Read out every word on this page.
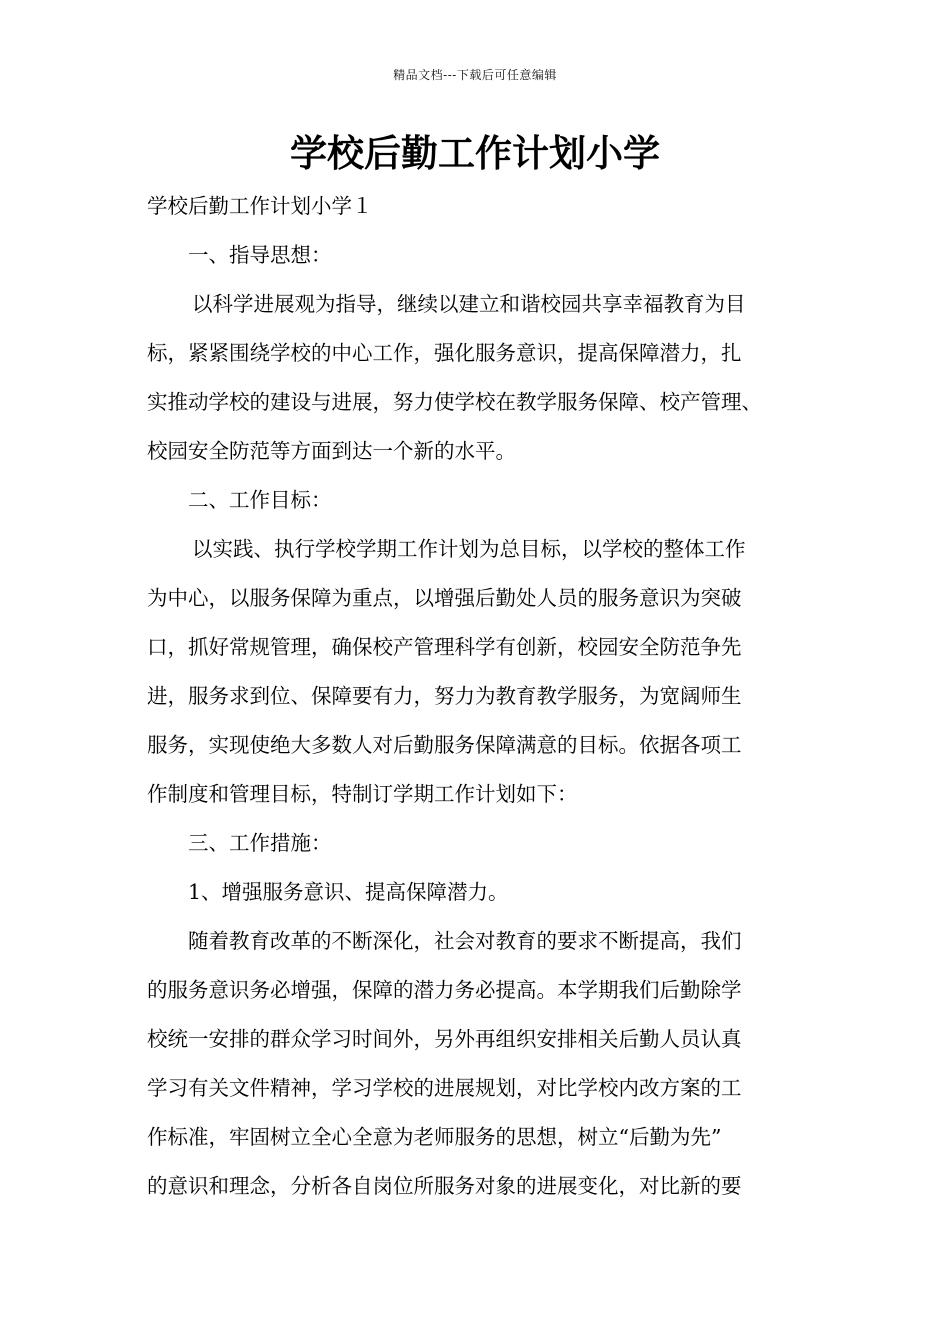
精品文档---下载后可任意编辑
学校后勤工作计划小学
学校后勤工作计划小学１
一、指导思想：
以科学进展观为指导，继续以建立和谐校园共享幸福教育为目
标，紧紧围绕学校的中心工作，强化服务意识，提高保障潜力，扎
实推动学校的建设与进展，努力使学校在教学服务保障、校产管理、
校园安全防范等方面到达一个新的水平。
二、工作目标：
以实践、执行学校学期工作计划为总目标，以学校的整体工作
为中心，以服务保障为重点，以增强后勤处人员的服务意识为突破
口，抓好常规管理，确保校产管理科学有创新，校园安全防范争先
进，服务求到位、保障要有力，努力为教育教学服务，为宽阔师生
服务，实现使绝大多数人对后勤服务保障满意的目标。依据各项工
作制度和管理目标，特制订学期工作计划如下：
三、工作措施：
1、增强服务意识、提高保障潜力。
随着教育改革的不断深化，社会对教育的要求不断提高，我们
的服务意识务必增强，保障的潜力务必提高。本学期我们后勤除学
校统一安排的群众学习时间外，另外再组织安排相关后勤人员认真
学习有关文件精神，学习学校的进展规划，对比学校内改方案的工
作标准，牢固树立全心全意为老师服务的思想，树立“后勤为先”
的意识和理念，分析各自岗位所服务对象的进展变化，对比新的要
